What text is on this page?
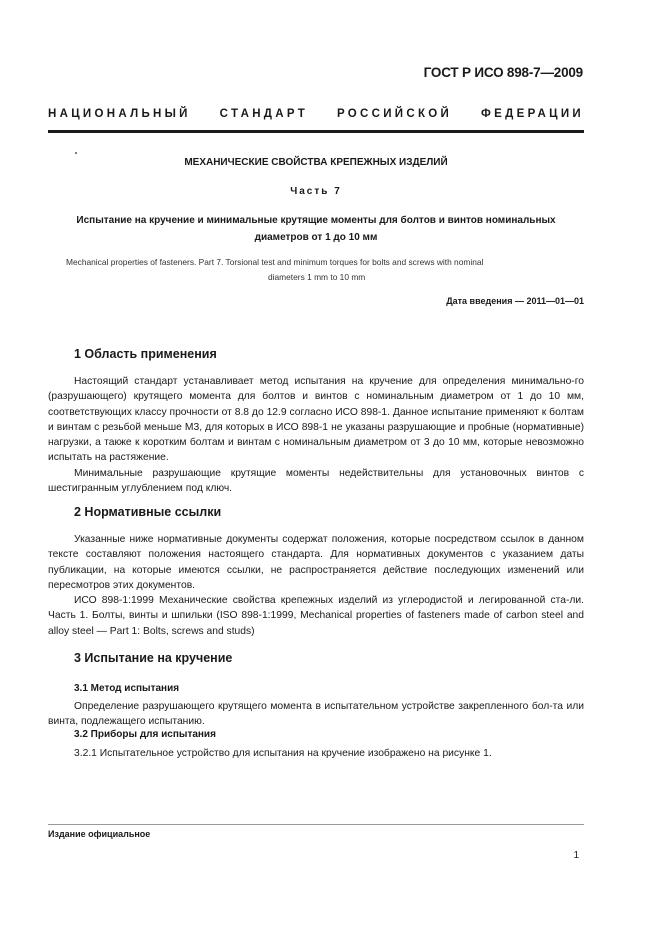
ГОСТ Р ИСО 898-7—2009
НАЦИОНАЛЬНЫЙ	СТАНДАРТ	РОССИЙСКОЙ	ФЕДЕРАЦИИ
МЕХАНИЧЕСКИЕ СВОЙСТВА КРЕПЕЖНЫХ ИЗДЕЛИЙ
Часть 7
Испытание на кручение и минимальные крутящие моменты для болтов и винтов номинальных
диаметров от 1 до 10 мм
Mechanical properties of fasteners. Part 7. Torsional test and minimum torques for bolts and screws with nominal
diameters 1 mm to 10 mm
Дата введения — 2011—01—01
1 Область применения

Настоящий стандарт устанавливает метод испытания на кручение для определения минимально-го (разрушающего) крутящего момента для болтов и винтов с номинальным диаметром от 1 до 10 мм, соответствующих классу прочности от 8.8 до 12.9 согласно ИСО 898-1. Данное испытание применяют к болтам и винтам с резьбой меньше М3, для которых в ИСО 898-1 не указаны разрушающие и пробные (нормативные) нагрузки, а также к коротким болтам и винтам с номинальным диаметром от 3 до 10 мм, которые невозможно испытать на растяжение.

Минимальные разрушающие крутящие моменты недействительны для установочных винтов с шестигранным углублением под ключ.

2 Нормативные ссылки

Указанные ниже нормативные документы содержат положения, которые посредством ссылок в данном тексте составляют положения настоящего стандарта. Для нормативных документов с указанием даты публикации, на которые имеются ссылки, не распространяется действие последующих изменений или пересмотров этих документов.

ИСО 898-1:1999 Механические свойства крепежных изделий из углеродистой и легированной ста-ли. Часть 1. Болты, винты и шпильки (ISO 898-1:1999, Mechanical properties of fasteners made of carbon steel and alloy steel — Part 1: Bolts, screws and studs)

3 Испытание на кручение
3.1 Метод испытания

Определение разрушающего крутящего момента в испытательном устройстве закрепленного бол-та или винта, подлежащего испытанию.

3.2 Приборы для испытания

3.2.1 Испытательное устройство для испытания на кручение изображено на рисунке 1.

Издание официальное
1
